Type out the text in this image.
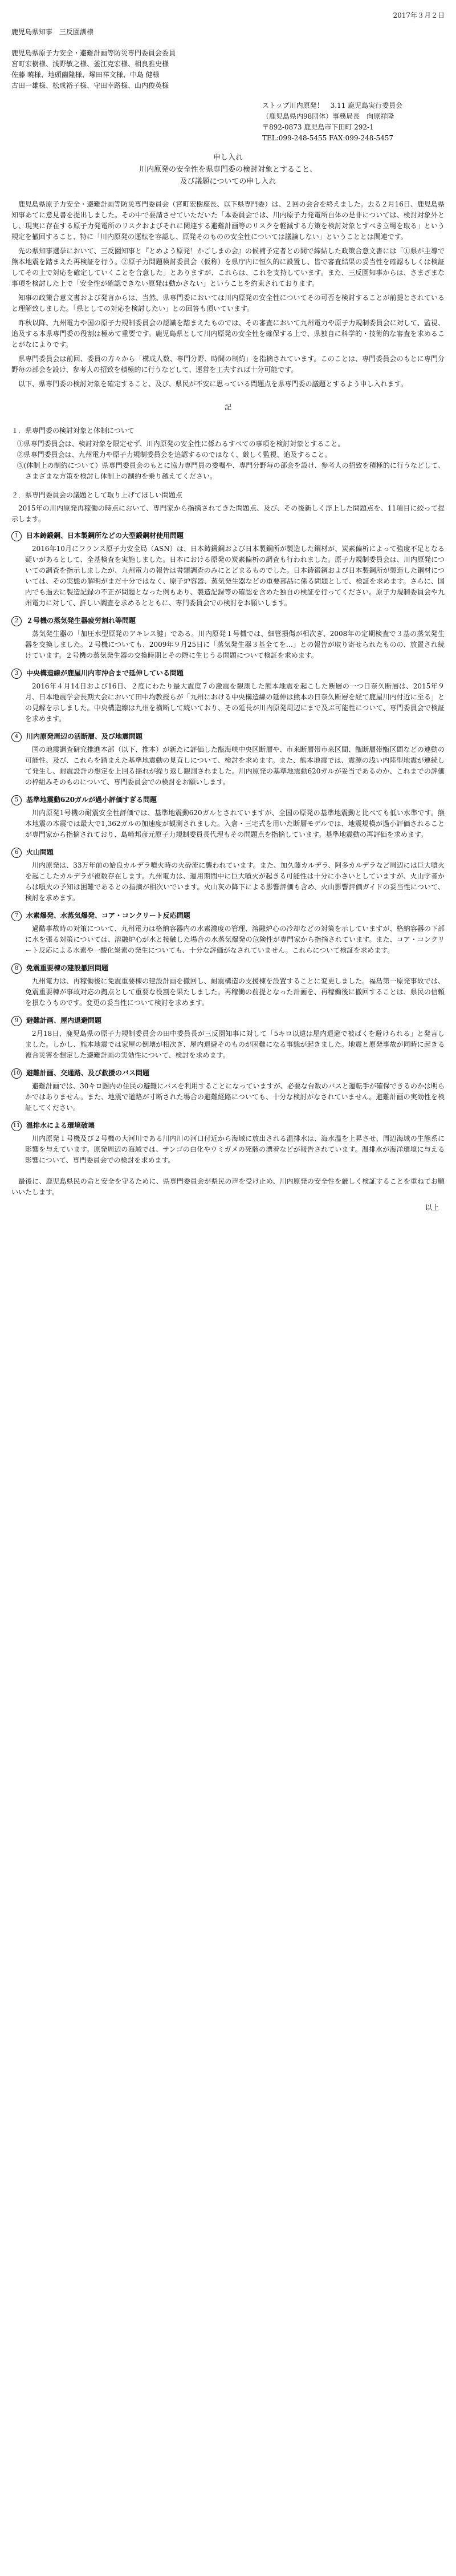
2017年３月２日

鹿児島県知事　三反園訓様

鹿児島県原子力安全・避難計画等防災専門委員会委員

宮町宏樹様、浅野敏之様、釜江克宏様、相良雅史様

佐藤 曉様、地頭薗隆様、塚田祥文様、中島 健様

古田一雄様、松成裕子様、守田幸路様、山内俊英様

ストップ川内原発！　3.11 鹿児島実行委員会

（鹿児島県内98団体）事務局長　向原祥隆

〒892-0873 鹿児島市下田町 292-1

TEL:099-248-5455 FAX:099-248-5457

申し入れ

川内原発の安全性を県専門委の検討対象とすること、

及び議題についての申し入れ

鹿児島県原子力安全・避難計画等防災専門委員会（宮町宏樹座長、以下県専門委）は、２回の会合を終えました。去る２月16日、鹿児島県知事あてに意見書を提出しました。その中で要請させていただいた「本委員会では、川内原子力発電所自体の是非については、検討対象外とし、現実に存在する原子力発電所のリスクおよびそれに関連する避難計画等のリスクを軽減する方策を検討対象とすべき立場を取る」という規定を撤回すること、特に「川内原発の運転を容認し、原発そのものの安全性については議論しない」ということとは関連です。

先の県知事選挙において、三反園知事と『とめよう原発！かごしまの会』の候補予定者との間で締結した政策合意文書には「①県が主導で熊本地震を踏まえた再検証を行う。②原子力問題検討委員会（仮称）を県庁内に恒久的に設置し、皆で審査結果の妥当性を確認もしくは検証してその上で対応を確定していくことを合意した」とありますが、これらは、これを支持しています。また、三反園知事からは、さまざまな事項を検討した上で「安全性が確認できない原発は動かさない」ということを約束されております。

知事の政策合意文書および発言からは、当然、県専門委においては川内原発の安全性についてその可否を検討することが前提とされていると理解致しました。「県としての対応を検討したい」との回答も頂いています。

昨秋以降、九州電力や国の原子力規制委員会の認識を踏まえたものでは、その審査において九州電力や原子力規制委員会に対して、監視、追及する本県専門委の役割は極めて重要です。鹿児島県として川内原発の安全性を確保する上で、県独自に科学的・技術的な審査を求めることがなによりです。

県専門委員会は前回、委員の方々から「構成人数、専門分野、時間の制約」を指摘されています。このことは、専門委員会のもとに専門分野毎の部会を設け、参考人の招致を積極的に行うなどして、運営を工夫すれば十分可能です。

以下、県専門委の検討対象を確定すること、及び、県民が不安に思っている問題点を県専門委の議題とするよう申し入れます。

記

１．県専門委の検討対象と体制について

①県専門委員会は、検討対象を限定せず、川内原発の安全性に係わるすべての事項を検討対象とすること。
②県専門委員会は、九州電力や原子力規制委員会を追認するのではなく、厳しく監視、追及すること。
③(体制上の制約について）県専門委員会のもとに協力専門員の委嘱や、専門分野毎の部会を設け、参考人の招致を積極的に行うなどして、さまざまな方策を検討し体制上の制約を乗り越えてください。

２．県専門委員会の議題として取り上げてほしい問題点

2015年の川内原発再稼働の時点において、専門家から指摘されてきた問題点、及び、その後新しく浮上した問題点を、11項目に絞って提示します。

1	日本鋳鍛鋼、日本製鋼所などの大型鍛鋼材使用問題

2016年10月にフランス原子力安全局（ASN）は、日本鋳鍛鋼および日本製鋼所が製造した鋼材が、炭素偏析によって強度不足となる疑いがあるとして、全基検査を実施しました。日本における原発の炭素偏析の調査も行われました。原子力規制委員会は、川内原発についての調査を指示しましたが、九州電力の報告は書類調査のみにとどまるものでした。日本鋳鍛鋼および日本製鋼所が製造した鋼材については、その実態の解明がまだ十分ではなく、原子炉容器、蒸気発生器などの重要部品に係る問題として、検証を求めます。さらに、国内でも過去に製造記録の不正が問題となった例もあり、製造記録等の確認を含めた独自の検証を行ってください。原子力規制委員会や九州電力に対して、詳しい調査を求めるとともに、専門委員会での検討をお願いします。

2	２号機の蒸気発生器疲労割れ等問題

蒸気発生器の「加圧水型原発のアキレス腱」である。川内原発１号機では、細管損傷が相次ぎ、2008年の定期検査で３基の蒸気発生器を交換しました。２号機についても、2009年９月25日に「蒸気発生器３基全てを…」との報告が取り寄せられたものの、放置され続けています。２号機の蒸気発生器の交換時期とその際に生じうる問題について検証を求めます。

3	中央構造線が鹿屋川内市沖合まで延伸している問題

2016年４月14日および16日、２度にわたり最大震度７の激震を観測した熊本地震を起こした断層の一つ日奈久断層は、2015年９月、日本地震学会長期大会において田中均教授らが「九州における中央構造線の延伸は熊本の日奈久断層を経て鹿屋川内付近に至る」との見解を示しました。中央構造線は九州を横断して続いており、その延長が川内原発周辺にまで及ぶ可能性について、専門委員会で検証を求めます。

4	川内原発周辺の活断層、及び地震問題

国の地震調査研究推進本部（以下、推本）が新たに評価した甑海峡中央区断層や、市来断層帯市来区間、甑断層帯甑区間などの連動の可能性、及び、これらを踏まえた基準地震動の見直しについて、検討を求めます。また、熊本地震では、震源の浅い内陸型地震が連続して発生し、耐震設計の想定を上回る揺れが繰り返し観測されました。川内原発の基準地震動620ガルが妥当であるのか、これまでの評価の枠組みそのものについて、専門委員会での検討をお願いします。

5	基準地震動620ガルが過小評価すぎる問題

川内原発1号機の耐震安全性評価では、基準地震動620ガルとされていますが、全国の原発の基準地震動と比べても低い水準です。熊本地震の本震では最大で1,362ガルの加速度が観測されました。入倉・三宅式を用いた断層モデルでは、地震規模が過小評価されることが専門家から指摘されており、島崎邦彦元原子力規制委員長代理もその問題点を指摘しています。基準地震動の再評価を求めます。

6	火山問題

川内原発は、33万年前の姶良カルデラ噴火時の火砕流に襲われています。また、加久藤カルデラ、阿多カルデラなど周辺には巨大噴火を起こしたカルデラが複数存在します。九州電力は、運用期間中に巨大噴火が起きる可能性は十分に小さいとしていますが、火山学者からは噴火の予知は困難であるとの指摘が相次いでいます。火山灰の降下による影響評価も含め、火山影響評価ガイドの妥当性について、検討を求めます。

7	水素爆発、水蒸気爆発、コア・コンクリート反応問題

過酷事故時の対策について、九州電力は格納容器内の水素濃度の管理、溶融炉心の冷却などの対策を示していますが、格納容器の下部に水を張る対策については、溶融炉心が水と接触した場合の水蒸気爆発の危険性が専門家から指摘されています。また、コア・コンクリート反応による水素や一酸化炭素の発生についても、十分な評価がなされていません。これらについて検証を求めます。

8	免震重要棟の建設撤回問題

九州電力は、再稼働後に免震重要棟の建設計画を撤回し、耐震構造の支援棟を設置することに変更しました。福島第一原発事故では、免震重要棟が事故対応の拠点として重要な役割を果たしました。再稼働の前提となった計画を、再稼働後に撤回することは、県民の信頼を損なうものです。変更の妥当性について検討を求めます。

9	避難計画、屋内退避問題

2月18日、鹿児島県の原子力規制委員会の田中委員長が三反園知事に対して「5キロ以遠は屋内退避で被ばくを避けられる」と発言しました。しかし、熊本地震では家屋の倒壊が相次ぎ、屋内退避そのものが困難になる事態が起きました。地震と原発事故が同時に起きる複合災害を想定した避難計画の実効性について、検討を求めます。

10 避難計画、交通路、及び救援のバス問題

避難計画では、30キロ圏内の住民の避難にバスを利用することになっていますが、必要な台数のバスと運転手が確保できるのかは明らかではありません。また、地震で道路が寸断された場合の避難経路についても、十分な検討がなされていません。避難計画の実効性を検証してください。

11 温排水による環境破壊

川内原発１号機及び２号機の大河川である川内川の河口付近から海域に放出される温排水は、海水温を上昇させ、周辺海域の生態系に影響を与えています。原発周辺の海域では、サンゴの白化やウミガメの死骸の漂着などが報告されています。温排水が海洋環境に与える影響について、専門委員会での検討を求めます。

最後に、鹿児島県民の命と安全を守るために、県専門委員会が県民の声を受け止め、川内原発の安全性を厳しく検証することを重ねてお願いいたします。

以上
